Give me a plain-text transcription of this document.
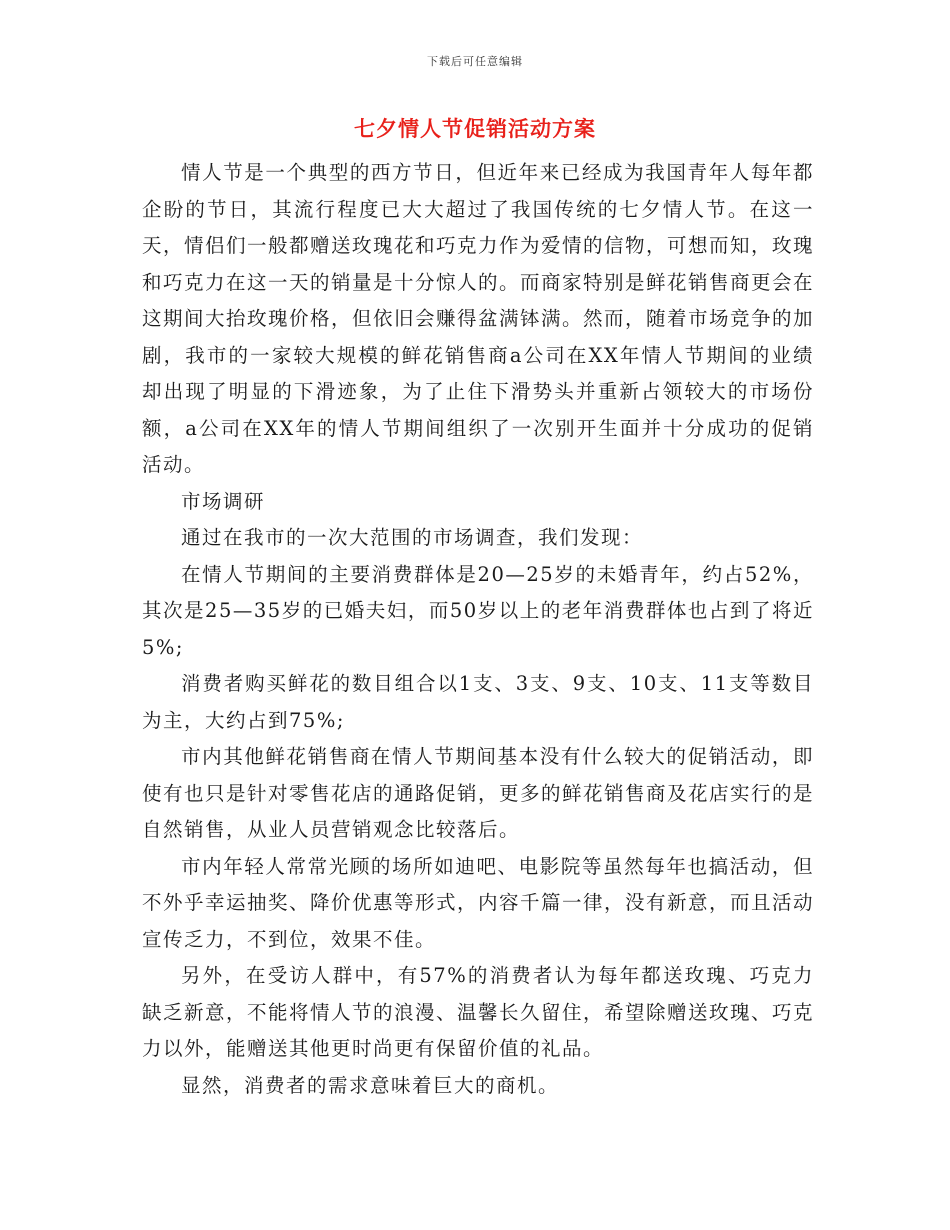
下载后可任意编辑
七夕情人节促销活动方案

情人节是一个典型的西方节日，但近年来已经成为我国青年人每年都企盼的节日，其流行程度已大大超过了我国传统的七夕情人节。在这一天，情侣们一般都赠送玫瑰花和巧克力作为爱情的信物，可想而知，玫瑰和巧克力在这一天的销量是十分惊人的。而商家特别是鲜花销售商更会在这期间大抬玫瑰价格，但依旧会赚得盆满钵满。然而，随着市场竞争的加剧，我市的一家较大规模的鲜花销售商a公司在XX年情人节期间的业绩却出现了明显的下滑迹象，为了止住下滑势头并重新占领较大的市场份额，a公司在XX年的情人节期间组织了一次别开生面并十分成功的促销活动。

市场调研

通过在我市的一次大范围的市场调查，我们发现：

在情人节期间的主要消费群体是20—25岁的未婚青年，约占52%，其次是25—35岁的已婚夫妇，而50岁以上的老年消费群体也占到了将近5%;

消费者购买鲜花的数目组合以1支、3支、9支、10支、11支等数目为主，大约占到75%;

市内其他鲜花销售商在情人节期间基本没有什么较大的促销活动，即使有也只是针对零售花店的通路促销，更多的鲜花销售商及花店实行的是自然销售，从业人员营销观念比较落后。

市内年轻人常常光顾的场所如迪吧、电影院等虽然每年也搞活动，但不外乎幸运抽奖、降价优惠等形式，内容千篇一律，没有新意，而且活动宣传乏力，不到位，效果不佳。

另外，在受访人群中，有57%的消费者认为每年都送玫瑰、巧克力缺乏新意，不能将情人节的浪漫、温馨长久留住，希望除赠送玫瑰、巧克力以外，能赠送其他更时尚更有保留价值的礼品。

显然，消费者的需求意味着巨大的商机。
